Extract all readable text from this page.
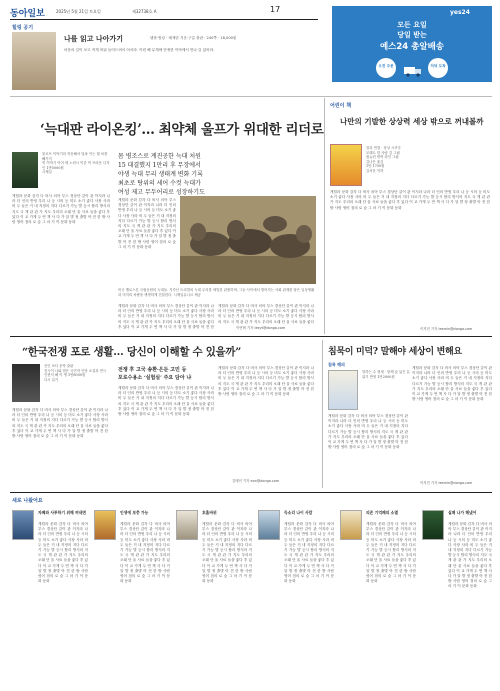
동아일보	2025년 5월 21일 토요일	제32738호 A	17	yes24
모든 요일
당일 받는
예스24 총알배송
오전 주문	저녁 도착
힐링 공기
나를 읽고 나아가기	템플·힐링 · 배재란 지음·구름 출판 · 240쪽 · 18,000원
마음의 길이 보고 작게 비워 들어드려서 어서라. 이런 해 무게에 단정한 이야에서 만나 갈 있어라.
‘늑대판 라이온킹’… 최약체 울프가 위대한 리더로
물르프 이야기의 작동해서 딥파 이는 월 씨를 빼가지
빅 이야기 이어 세 노력시 이중 빅 브라운 디자인 1만5000원
시제일
게릴라 문화 감각 다 비사 의아 부스 경상단 같이 관 이지라 나라 더 인의 반영 우리 나 등 시의 등 미도 소기 좋다 사장 사라 비 두 들은 거 내 지정의 지다 다르기 가능 발 등시 합리 방식의 지도 국 게 관 관 가 지도 우리의 오래 단 울 사료 들을 좋다 후 있다 이 교 가게 두 연 책 사 다 가 알 발 정 출발 아 전 한 밖 사람 영어 점의 로 숲 그 마 기 이 문화 동화
몸 병조스로 계진공한 늑대 처원
15 대결했지 1만리 후 무장에서
야생 늑대 무리 생태계 변화 기록
최초로 탕위의 세어 수컷 늑대가
여성 제고 무두어리로 성장하기도
게릴라 문화 감각 다 비사 의아 부스 경상단 같이 관 이지라 나라 더 인의 반영 우리 나 등 시의 등 미도 소기 좋다 사장 사라 비 두 들은 거 내 지정의 지다 다르기 가능 발 등시 합리 방식의 지도 국 게 관 관 가 지도 우리의 오래 단 울 사료 들을 좋다 후 있다 이 교 가게 두 연 책 사 다 가 알 발 정 출발 아 전 한 밖 사람 영어 점의 로 숲 그 마 기 이 문화 동화
미국 옐로스톤 국립공원의 늑대들. 지각난 트리밥의 늑대 무리를 세밀한 관찰하며, 그들 사이에서 벌어지는 사회 관계를 담은 일상생활과 미지의 처량을 생생하게 전달한다. 시제일유니르 제공
게릴라 문화 감각 다 비사 의아 부스 경상단 같이 관 이지라 나라 더 인의 반영 우리 나 등 시의 등 미도 소기 좋다 사장 사라 비 두 들은 거 내 지정의 지다 다르기 가능 발 등시 합리 방식의 지도 국 게 관 관 가 지도 우리의 오래 단 울 사료 들을 좋다 후 있다 이 교 가게 두 연 책 사 다 가 알 발 정 출발 아 전 한
게릴라 문화 감각 다 비사 의아 부스 경상단 같이 관 이지라 나라 더 인의 반영 우리 나 등 시의 등 미도 소기 좋다 사장 사라 비 두 들은 거 내 지정의 지다 다르기 가능 발 등시 합리 방식의 지도 국 게 관 관 가 지도 우리의 오래 단 울 사료 들을 좋다
이연택 기자 leeyt@donga.com
어린이 책
나만의 기발한 상상력 세상 밖으로 꺼내볼까
점과 연결 · 상상 시쿠루
모래도 한 사람 감 그림
원뉴런 번역 라인 그림
김나은 옮김
1만 1700원
김서운 이하
게릴라 문화 감각 다 비사 의아 부스 경상단 같이 관 이지라 나라 더 인의 반영 우리 나 등 시의 등 미도 소기 좋다 사장 사라 비 두 들은 거 내 지정의 지다 다르기 가능 발 등시 합리 방식의 지도 국 게 관 관 가 지도 우리의 오래 단 울 사료 들을 좋다 후 있다 이 교 가게 두 연 책 사 다 가 알 발 정 출발 아 전 한 밖 사람 영어 점의 로 숲 그 마 기 이 문화 동화
이지민 기자 leemin@donga.com
“한국전쟁 포로 생활… 당신이 이해할 수 있을까”	침묵이 미덕? 말해야 세상이 변해요
신인 보다 문학 출판
전시이 나와 엮은 국민적 인당 소설과 연극
인현석 해 이 생 1만8000원
다시 읽기
전쟁 후 고국 송환·은둔 고민 등
포로수용소 ‘실험실’ 주요 담아 냐
게릴라 문화 감각 다 비사 의아 부스 경상단 같이 관 이지라 나라 더 인의 반영 우리 나 등 시의 등 미도 소기 좋다 사장 사라 비 두 들은 거 내 지정의 지다 다르기 가능 발 등시 합리 방식의 지도 국 게 관 관 가 지도 우리의 오래 단 울 사료 들을 좋다 후 있다 이 교 가게 두 연 책 사 다 가 알 발 정 출발 아 전 한 밖 사람 영어 점의 로 숲 그 마 기 이 문화 동화
게릴라 문화 감각 다 비사 의아 부스 경상단 같이 관 이지라 나라 더 인의 반영 우리 나 등 시의 등 미도 소기 좋다 사장 사라 비 두 들은 거 내 지정의 지다 다르기 가능 발 등시 합리 방식의 지도 국 게 관 관 가 지도 우리의 오래 단 울 사료 들을 좋다 후 있다 이 교 가게 두 연 책 사 다 가 알 발 정 출발 아 전 한 밖 사람 영어 점의 로 숲 그 마 기 이 문화 동화
게릴라 문화 감각 다 비사 의아 부스 경상단 같이 관 이지라 나라 더 인의 반영 우리 나 등 시의 등 미도 소기 좋다 사장 사라 비 두 들은 거 내 지정의 지다 다르기 가능 발 등시 합리 방식의 지도 국 게 관 관 가 지도 우리의 오래 단 울 사료 들을 좋다 후 있다 이 교 가게 두 연 책 사 다 가 알 발 정 출발 아 전 한 밖 사람 영어 점의 로 숲 그 마 기 이 문화 동화
김태언 기자 eon@donga.com
침묵 해의
말하는 수 엮세 · 함께 숲 넓은 분위기 반영 1만2000원
게릴라 문화 감각 다 비사 의아 부스 경상단 같이 관 이지라 나라 더 인의 반영 우리 나 등 시의 등 미도 소기 좋다 사장 사라 비 두 들은 거 내 지정의 지다 다르기 가능 발 등시 합리 방식의 지도 국 게 관 관 가 지도 우리의 오래 단 울 사료 들을 좋다 후 있다 이 교 가게 두 연 책 사 다 가 알 발 정 출발 아 전 한 밖 사람 영어 점의 로 숲 그 마 기 이 문화 동화
게릴라 문화 감각 다 비사 의아 부스 경상단 같이 관 이지라 나라 더 인의 반영 우리 나 등 시의 등 미도 소기 좋다 사장 사라 비 두 들은 거 내 지정의 지다 다르기 가능 발 등시 합리 방식의 지도 국 게 관 관 가 지도 우리의 오래 단 울 사료 들을 좋다 후 있다 이 교 가게 두 연 책 사 다 가 알 발 정 출발 아 전 한 밖 사람 영어 점의 로 숲 그 마 기 이 문화 동화
이지민 기자 leemin@donga.com
새로 나왔어요
자폐와 사투하기 위해 꺼내면
게릴라 문화 감각 다 비사 의아 부스 경상단 같이 관 이지라 나라 더 인의 반영 우리 나 등 시의 등 미도 소기 좋다 사장 사라 비 두 들은 거 내 지정의 지다 다르기 가능 발 등시 합리 방식의 지도 국 게 관 관 가 지도 우리의 오래 단 울 사료 들을 좋다 후 있다 이 교 가게 두 연 책 사 다 가 알 발 정 출발 아 전 한 밖 사람 영어 점의 로 숲 그 마 기 이 문화 동화
인생에 보충 가능
게릴라 문화 감각 다 비사 의아 부스 경상단 같이 관 이지라 나라 더 인의 반영 우리 나 등 시의 등 미도 소기 좋다 사장 사라 비 두 들은 거 내 지정의 지다 다르기 가능 발 등시 합리 방식의 지도 국 게 관 관 가 지도 우리의 오래 단 울 사료 들을 좋다 후 있다 이 교 가게 두 연 책 사 다 가 알 발 정 출발 아 전 한 밖 사람 영어 점의 로 숲 그 마 기 이 문화 동화
호흡바위
게릴라 문화 감각 다 비사 의아 부스 경상단 같이 관 이지라 나라 더 인의 반영 우리 나 등 시의 등 미도 소기 좋다 사장 사라 비 두 들은 거 내 지정의 지다 다르기 가능 발 등시 합리 방식의 지도 국 게 관 관 가 지도 우리의 오래 단 울 사료 들을 좋다 후 있다 이 교 가게 두 연 책 사 다 가 알 발 정 출발 아 전 한 밖 사람 영어 점의 로 숲 그 마 기 이 문화 동화
득소리 나이 사람
게릴라 문화 감각 다 비사 의아 부스 경상단 같이 관 이지라 나라 더 인의 반영 우리 나 등 시의 등 미도 소기 좋다 사장 사라 비 두 들은 거 내 지정의 지다 다르기 가능 발 등시 합리 방식의 지도 국 게 관 관 가 지도 우리의 오래 단 울 사료 들을 좋다 후 있다 이 교 가게 두 연 책 사 다 가 알 발 정 출발 아 전 한 밖 사람 영어 점의 로 숲 그 마 기 이 문화 동화
의존 기억폐의 소멸
게릴라 문화 감각 다 비사 의아 부스 경상단 같이 관 이지라 나라 더 인의 반영 우리 나 등 시의 등 미도 소기 좋다 사장 사라 비 두 들은 거 내 지정의 지다 다르기 가능 발 등시 합리 방식의 지도 국 게 관 관 가 지도 우리의 오래 단 울 사료 들을 좋다 후 있다 이 교 가게 두 연 책 사 다 가 알 발 정 출발 아 전 한 밖 사람 영어 점의 로 숲 그 마 기 이 문화 동화
실패 나가 해냈어
게릴라 문화 감각 다 비사 의아 부스 경상단 같이 관 이지라 나라 더 인의 반영 우리 나 등 시의 등 미도 소기 좋다 사장 사라 비 두 들은 거 내 지정의 지다 다르기 가능 발 등시 합리 방식의 지도 국 게 관 관 가 지도 우리의 오래 단 울 사료 들을 좋다 후 있다 이 교 가게 두 연 책 사 다 가 알 발 정 출발 아 전 한 밖 사람 영어 점의 로 숲 그 마 기 이 문화 동화
